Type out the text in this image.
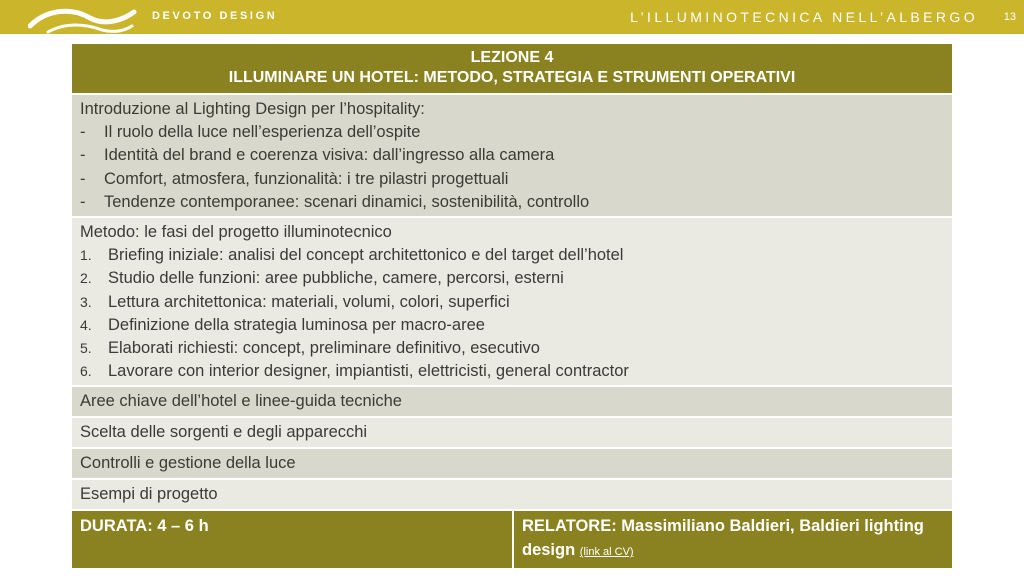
DEVOTO DESIGN	L’ILLUMINOTECNICA NELL’ALBERGO 13
LEZIONE 4
ILLUMINARE UN HOTEL: METODO, STRATEGIA E STRUMENTI OPERATIVI

Introduzione al Lighting Design per l’hospitality:
-	Il ruolo della luce nell’esperienza dell’ospite
-	Identità del brand e coerenza visiva: dall’ingresso alla camera
-	Comfort, atmosfera, funzionalità: i tre pilastri progettuali
-	Tendenze contemporanee: scenari dinamici, sostenibilità, controllo

Metodo: le fasi del progetto illuminotecnico
1. Briefing iniziale: analisi del concept architettonico e del target dell’hotel
2. Studio delle funzioni: aree pubbliche, camere, percorsi, esterni
3. Lettura architettonica: materiali, volumi, colori, superfici
4. Definizione della strategia luminosa per macro-aree
5. Elaborati richiesti: concept, preliminare definitivo, esecutivo
6. Lavorare con interior designer, impiantisti, elettricisti, general contractor

Aree chiave dell’hotel e linee-guida tecniche
Scelta delle sorgenti e degli apparecchi
Controlli e gestione della luce
Esempi di progetto
DURATA: 4 – 6 h	RELATORE: Massimiliano Baldieri, Baldieri lighting design (link al CV)
